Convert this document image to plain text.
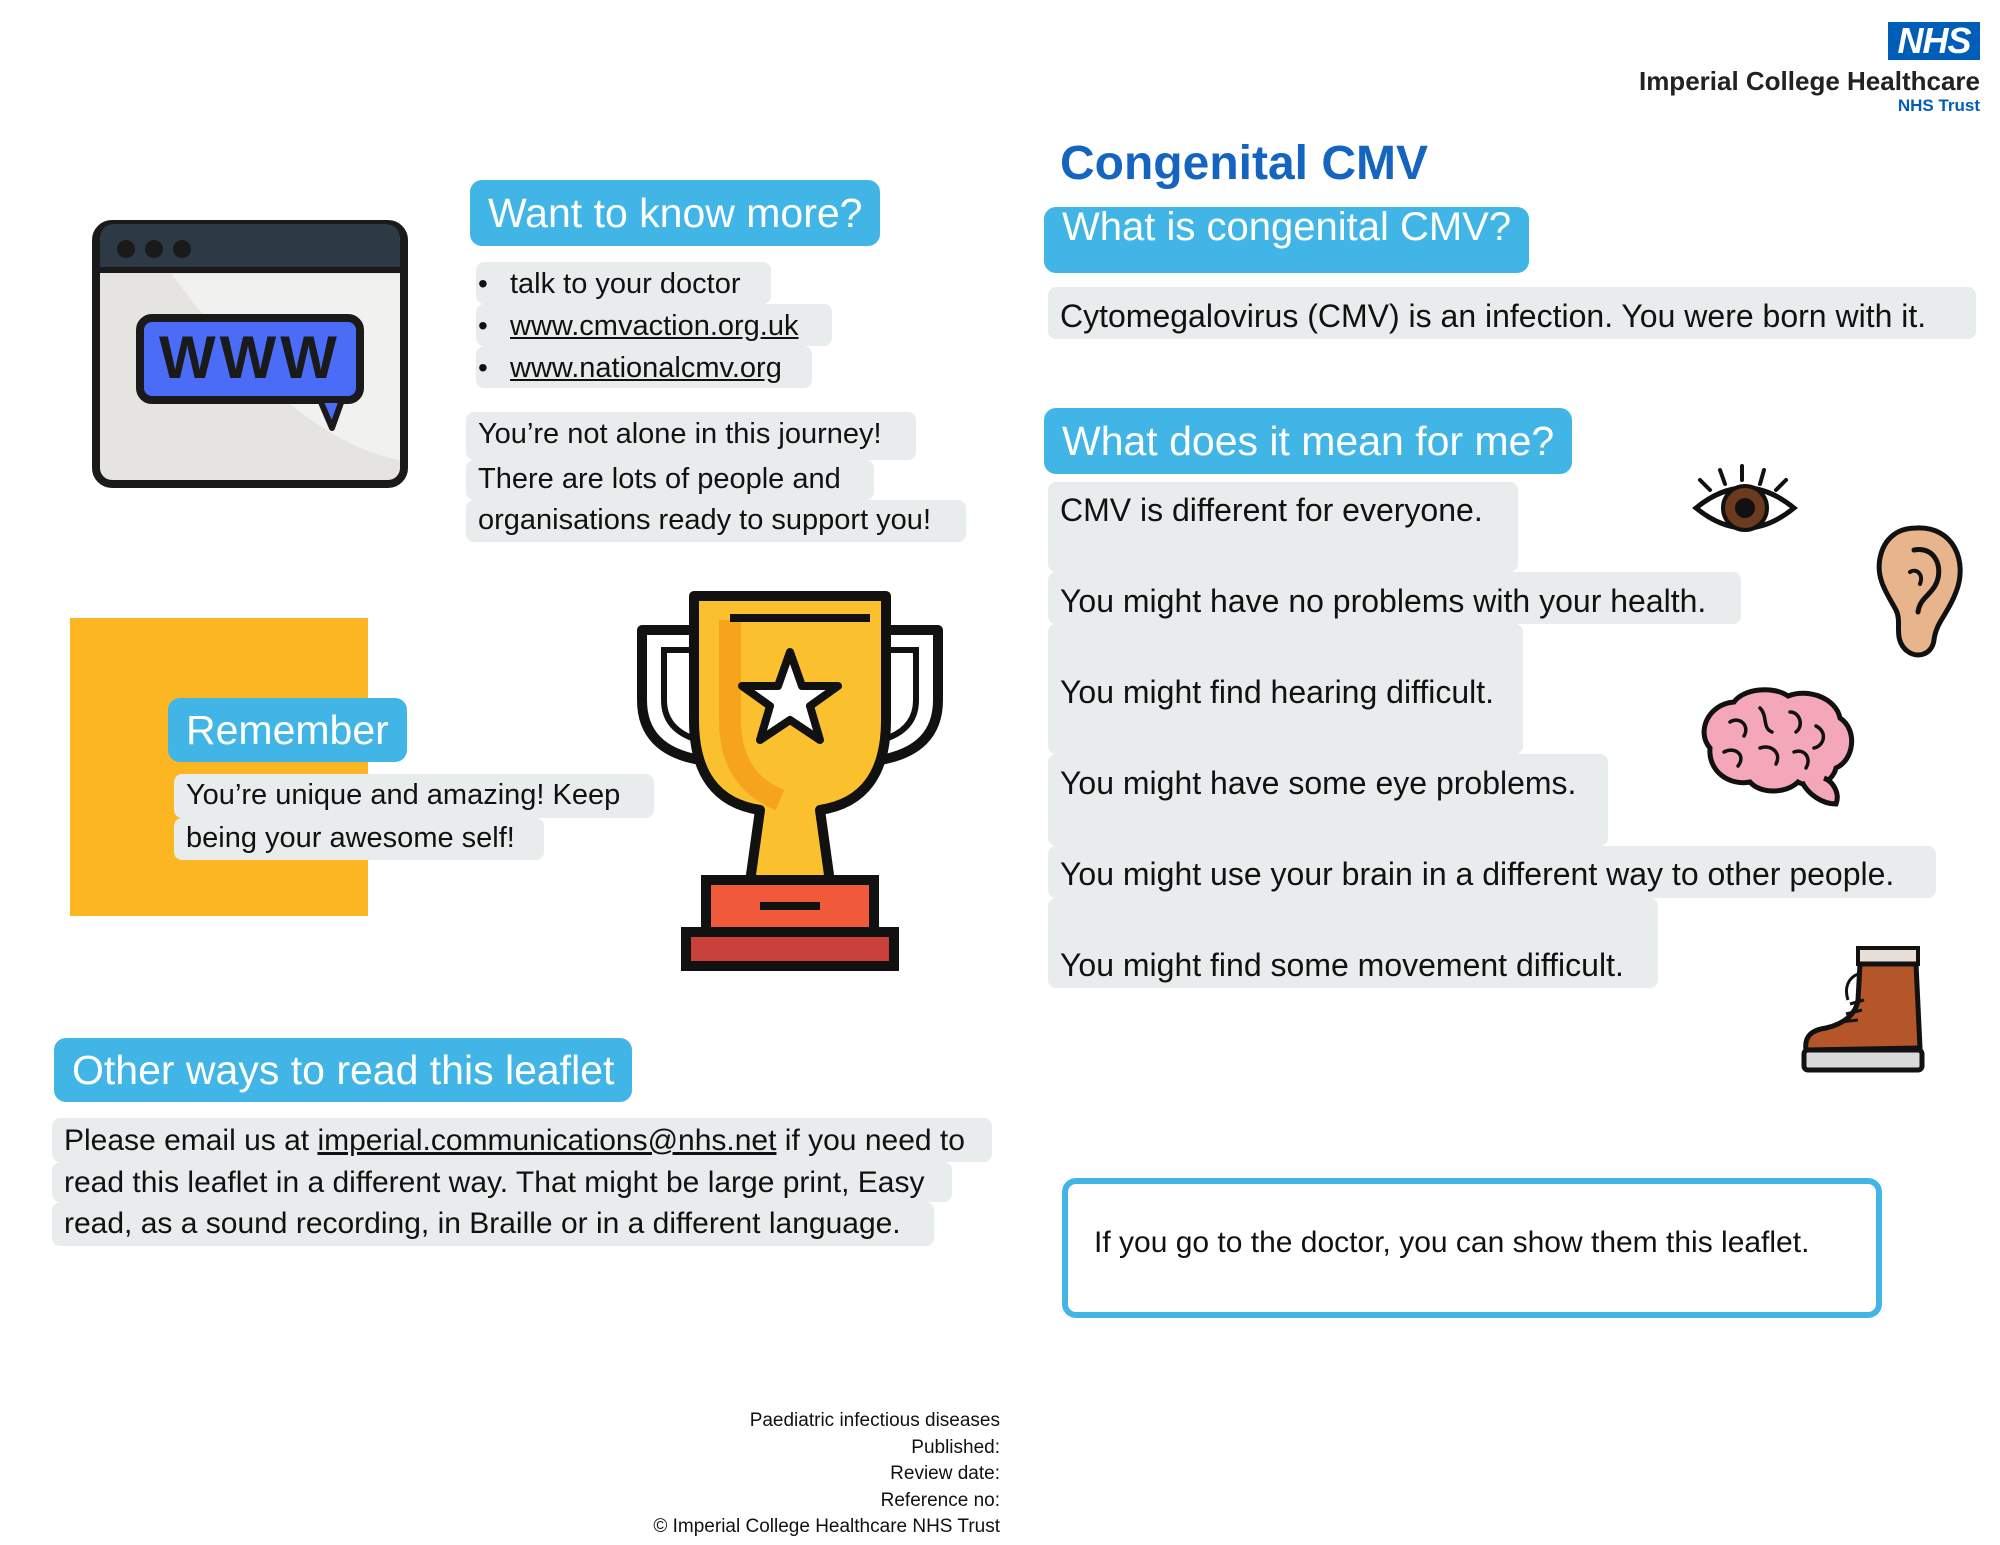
NHS
Imperial College Healthcare
NHS Trust
Congenital CMV
What is congenital CMV?
Cytomegalovirus (CMV) is an infection. You were born with it.
What does it mean for me?
CMV is different for everyone.
You might have no problems with your health.
You might find hearing difficult.
You might have some eye problems.
You might use your brain in a different way to other people.
You might find some movement difficult.
If you go to the doctor, you can show them this leaflet.
WWW
Want to know more?
•
•
•
talk to your doctor
www.cmvaction.org.uk
www.nationalcmv.org
You’re not alone in this journey!
There are lots of people and
organisations ready to support you!
Remember
You’re unique and amazing! Keep
being your awesome self!
Other ways to read this leaflet
Please email us at imperial.communications@nhs.net if you need to
read this leaflet in a different way. That might be large print, Easy
read, as a sound recording, in Braille or in a different language.
Paediatric infectious diseases
Published:
Review date:
Reference no:
© Imperial College Healthcare NHS Trust
